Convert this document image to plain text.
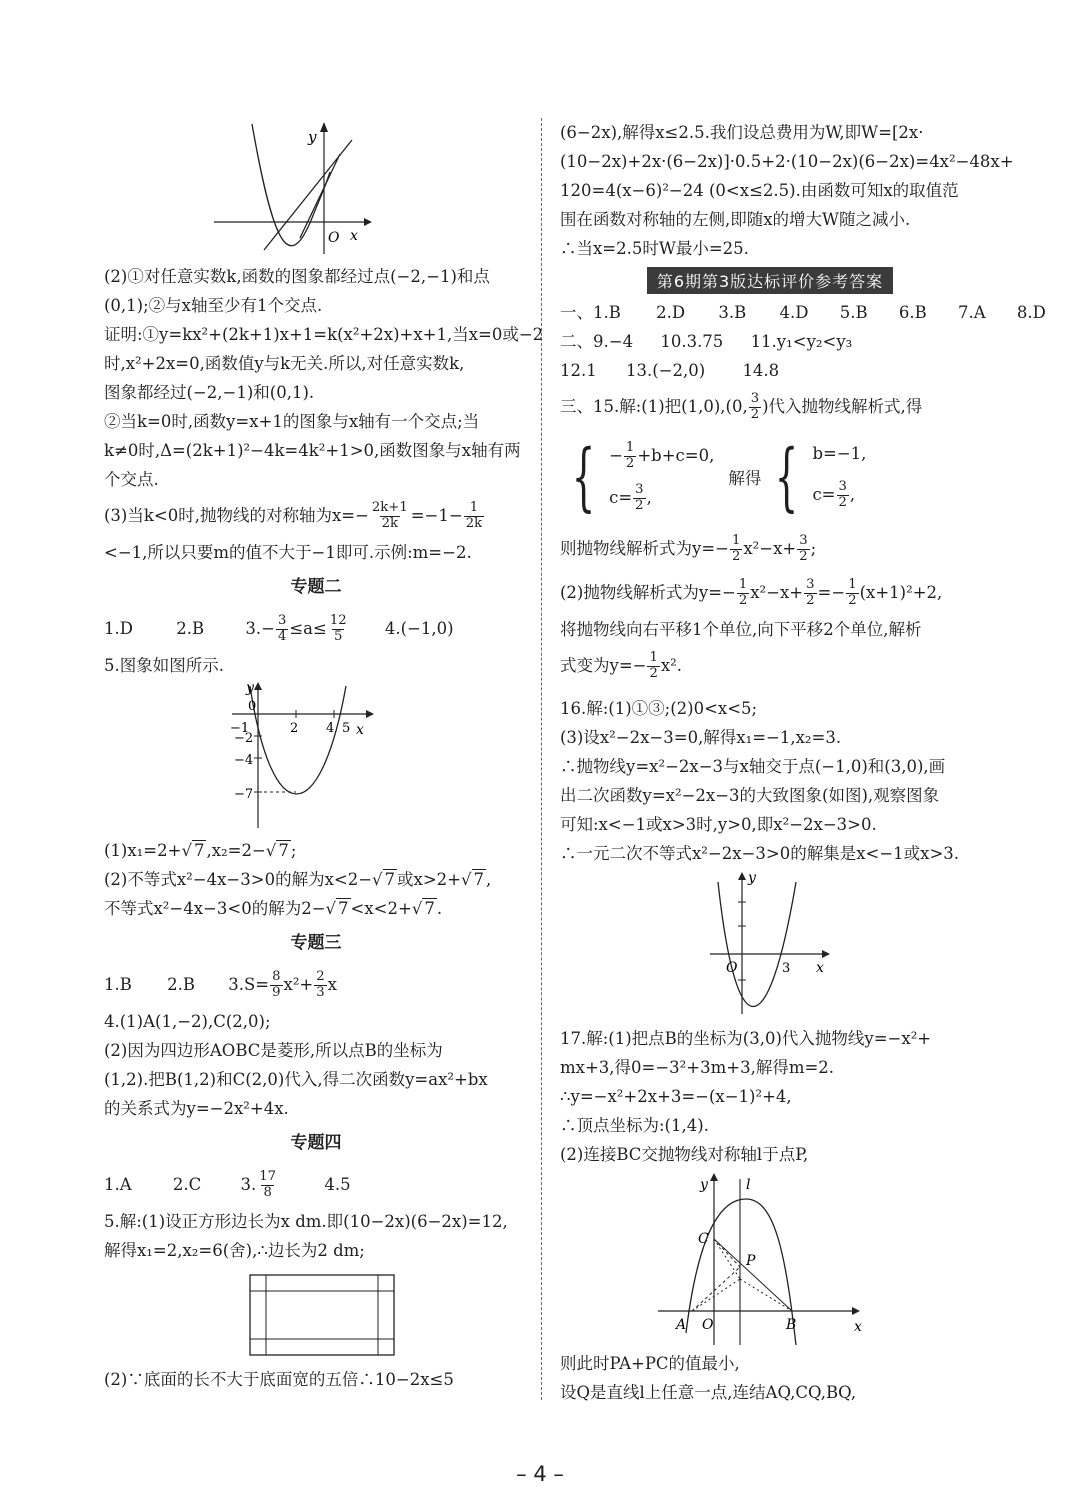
y
O x
(2)①对任意实数k,函数的图象都经过点(−2,−1)和点
(0,1);②与x轴至少有1个交点.
证明:①y=kx²+(2k+1)x+1=k(x²+2x)+x+1,当x=0或−2
时,x²+2x=0,函数值y与k无关.所以,对任意实数k,
图象都经过(−2,−1)和(0,1).
②当k=0时,函数y=x+1的图象与x轴有一个交点;当
k≠0时,Δ=(2k+1)²−4k=4k²+1>0,函数图象与x轴有两
个交点.
(3)当k<0时,抛物线的对称轴为$x=- \frac{2k+1}{2k} =-1- \frac{1}{2k}$
<−1,所以只要m的值不大于−1即可.示例:m=−2.
专题二
1.D	2.B	$3.- \frac{3}{4} \le a\le \frac{12}{5} 4.(-1,0)$
5.图象如图所示.
y
0
−1	2 4 5 x
−2
−4
−7
(1)x₁=2+√ 7 ,x₂=2−√ 7 ;
(2)不等式x²−4x−3>0的解为x<2−√ 7 或x>2+√ 7 ,
不等式x²−4x−3<0的解为2−√ 7 <x<2+√ 7 .
专题三
1.B 2.B $3.S= \frac{8}{9} x^2+ \frac{2}{3}$ x
4.(1)A(1,−2),C(2,0);
(2)因为四边形AOBC是菱形,所以点B的坐标为
(1,2).把B(1,2)和C(2,0)代入,得二次函数y=ax²+bx
的关系式为y=−2x²+4x.
专题四
1.A	2.C 3. $\frac{17}{8}$	4.5
5.解:(1)设正方形边长为x dm.即(10−2x)(6−2x)=12,
解得x₁=2,x₂=6(舍),∴边长为2 dm;
(2)∵底面的长不大于底面宽的五倍∴10−2x≤5
(6−2x),解得x≤2.5.我们设总费用为W,即W=[2x·
(10−2x)+2x·(6−2x)]·0.5+2·(10−2x)(6−2x)=4x²−48x+
120=4(x−6)²−24 (0<x≤2.5).由函数可知x的取值范
围在函数对称轴的左侧,即随x的增大W随之减小.
∴当x=2.5时W最小=25.
第6期第3版达标评价参考答案
一、1.B 2.D 3.B 4.D 5.B 6.B 7.A 8.D
二、9.−4 10.3.75 11.y₁<y₂<y₃
12.1 13.(−2,0) 14.8
三、15.解:(1)把(1,0),(0, $\frac{3}{2}$ )代入抛物线解析式,得
{ − $\frac{1}{2} +b+c=0$,
$c= \frac{3}{2}$ ,
解得 { b=−1,
$c= \frac{3}{2}$ ,
则抛物线解析式为$y=- \frac{1}{2} x^2-x+ \frac{3}{2}$ ;
(2)抛物线解析式为$y=- \frac{1}{2} x^2-x+ \frac{3}{2} =- \frac{1}{2} (x+1)^2+2$,
将抛物线向右平移1个单位,向下平移2个单位,解析
式变为$y=- \frac{1}{2} x^2$.
16.解:(1)①③;(2)0<x<5;
(3)设x²−2x−3=0,解得x₁=−1,x₂=3.
∴抛物线y=x²−2x−3与x轴交于点(−1,0)和(3,0),画
出二次函数y=x²−2x−3的大致图象(如图),观察图象
可知:x<−1或x>3时,y>0,即x²−2x−3>0.
∴一元二次不等式x²−2x−3>0的解集是x<−1或x>3.
y
O	3 x
17.解:(1)把点B的坐标为(3,0)代入抛物线y=−x²+
mx+3,得0=−3²+3m+3,解得m=2.
∴y=−x²+2x+3=−(x−1)²+4,
∴顶点坐标为:(1,4).
(2)连接BC交抛物线对称轴l于点P,
y	l
C
P
A O	B	x
则此时PA+PC的值最小,
设Q是直线l上任意一点,连结AQ,CQ,BQ,
– 4 –
